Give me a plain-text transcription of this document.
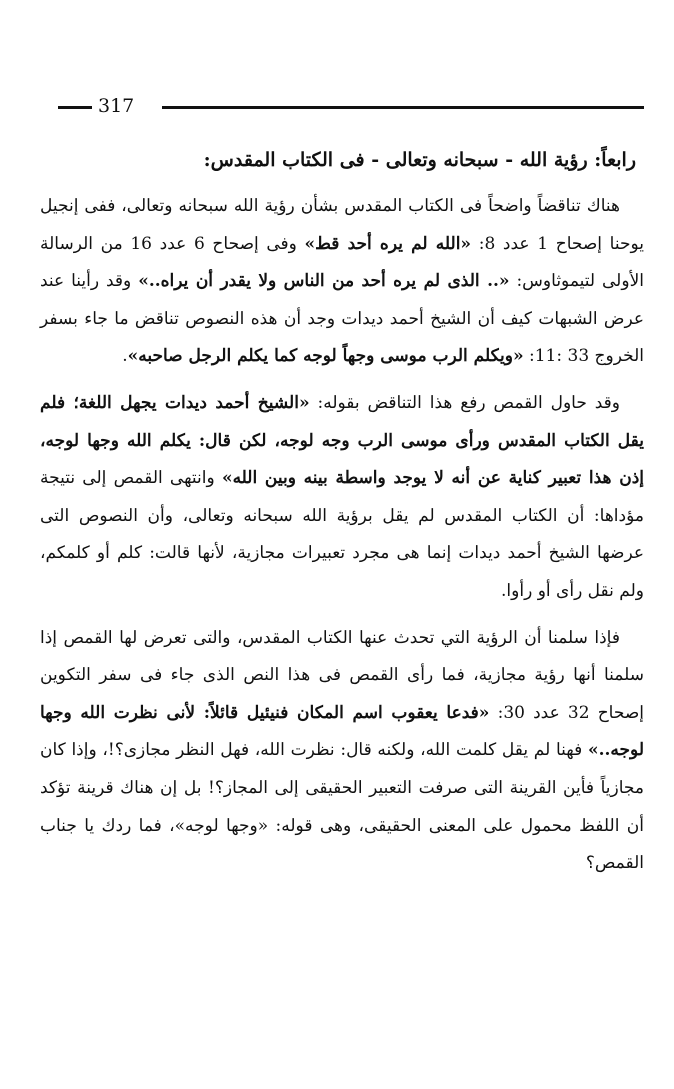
317
رابعاً: رؤية الله - سبحانه وتعالى - فى الكتاب المقدس:

هناك تناقضاً واضحاً فى الكتاب المقدس بشأن رؤية الله سبحانه وتعالى، ففى إنجيل يوحنا إصحاح 1 عدد 8: «الله لم يره أحد قط» وفى إصحاح 6 عدد 16 من الرسالة الأولى لتيموثاوس: «.. الذى لم يره أحد من الناس ولا يقدر أن يراه..» وقد رأينا عند عرض الشبهات كيف أن الشيخ أحمد ديدات وجد أن هذه النصوص تناقض ما جاء بسفر الخروج 33 :11: «ويكلم الرب موسى وجهاً لوجه كما يكلم الرجل صاحبه».

وقد حاول القمص رفع هذا التناقض بقوله: «الشيخ أحمد ديدات يجهل اللغة؛ فلم يقل الكتاب المقدس ورأى موسى الرب وجه لوجه، لكن قال: يكلم الله وجها لوجه، إذن هذا تعبير كناية عن أنه لا يوجد واسطة بينه وبين الله» وانتهى القمص إلى نتيجة مؤداها: أن الكتاب المقدس لم يقل برؤية الله سبحانه وتعالى، وأن النصوص التى عرضها الشيخ أحمد ديدات إنما هى مجرد تعبيرات مجازية، لأنها قالت: كلم أو كلمكم، ولم نقل رأى أو رأوا.

فإذا سلمنا أن الرؤية التي تحدث عنها الكتاب المقدس، والتى تعرض لها القمص إذا سلمنا أنها رؤية مجازية، فما رأى القمص فى هذا النص الذى جاء فى سفر التكوين إصحاح 32 عدد 30: «فدعا يعقوب اسم المكان فنيئيل قائلاً: لأنى نظرت الله وجها لوجه..» فهنا لم يقل كلمت الله، ولكنه قال: نظرت الله، فهل النظر مجازى؟!، وإذا كان مجازياً فأين القرينة التى صرفت التعبير الحقيقى إلى المجاز؟! بل إن هناك قرينة تؤكد أن اللفظ محمول على المعنى الحقيقى، وهى قوله: «وجها لوجه»، فما ردك يا جناب القمص؟
